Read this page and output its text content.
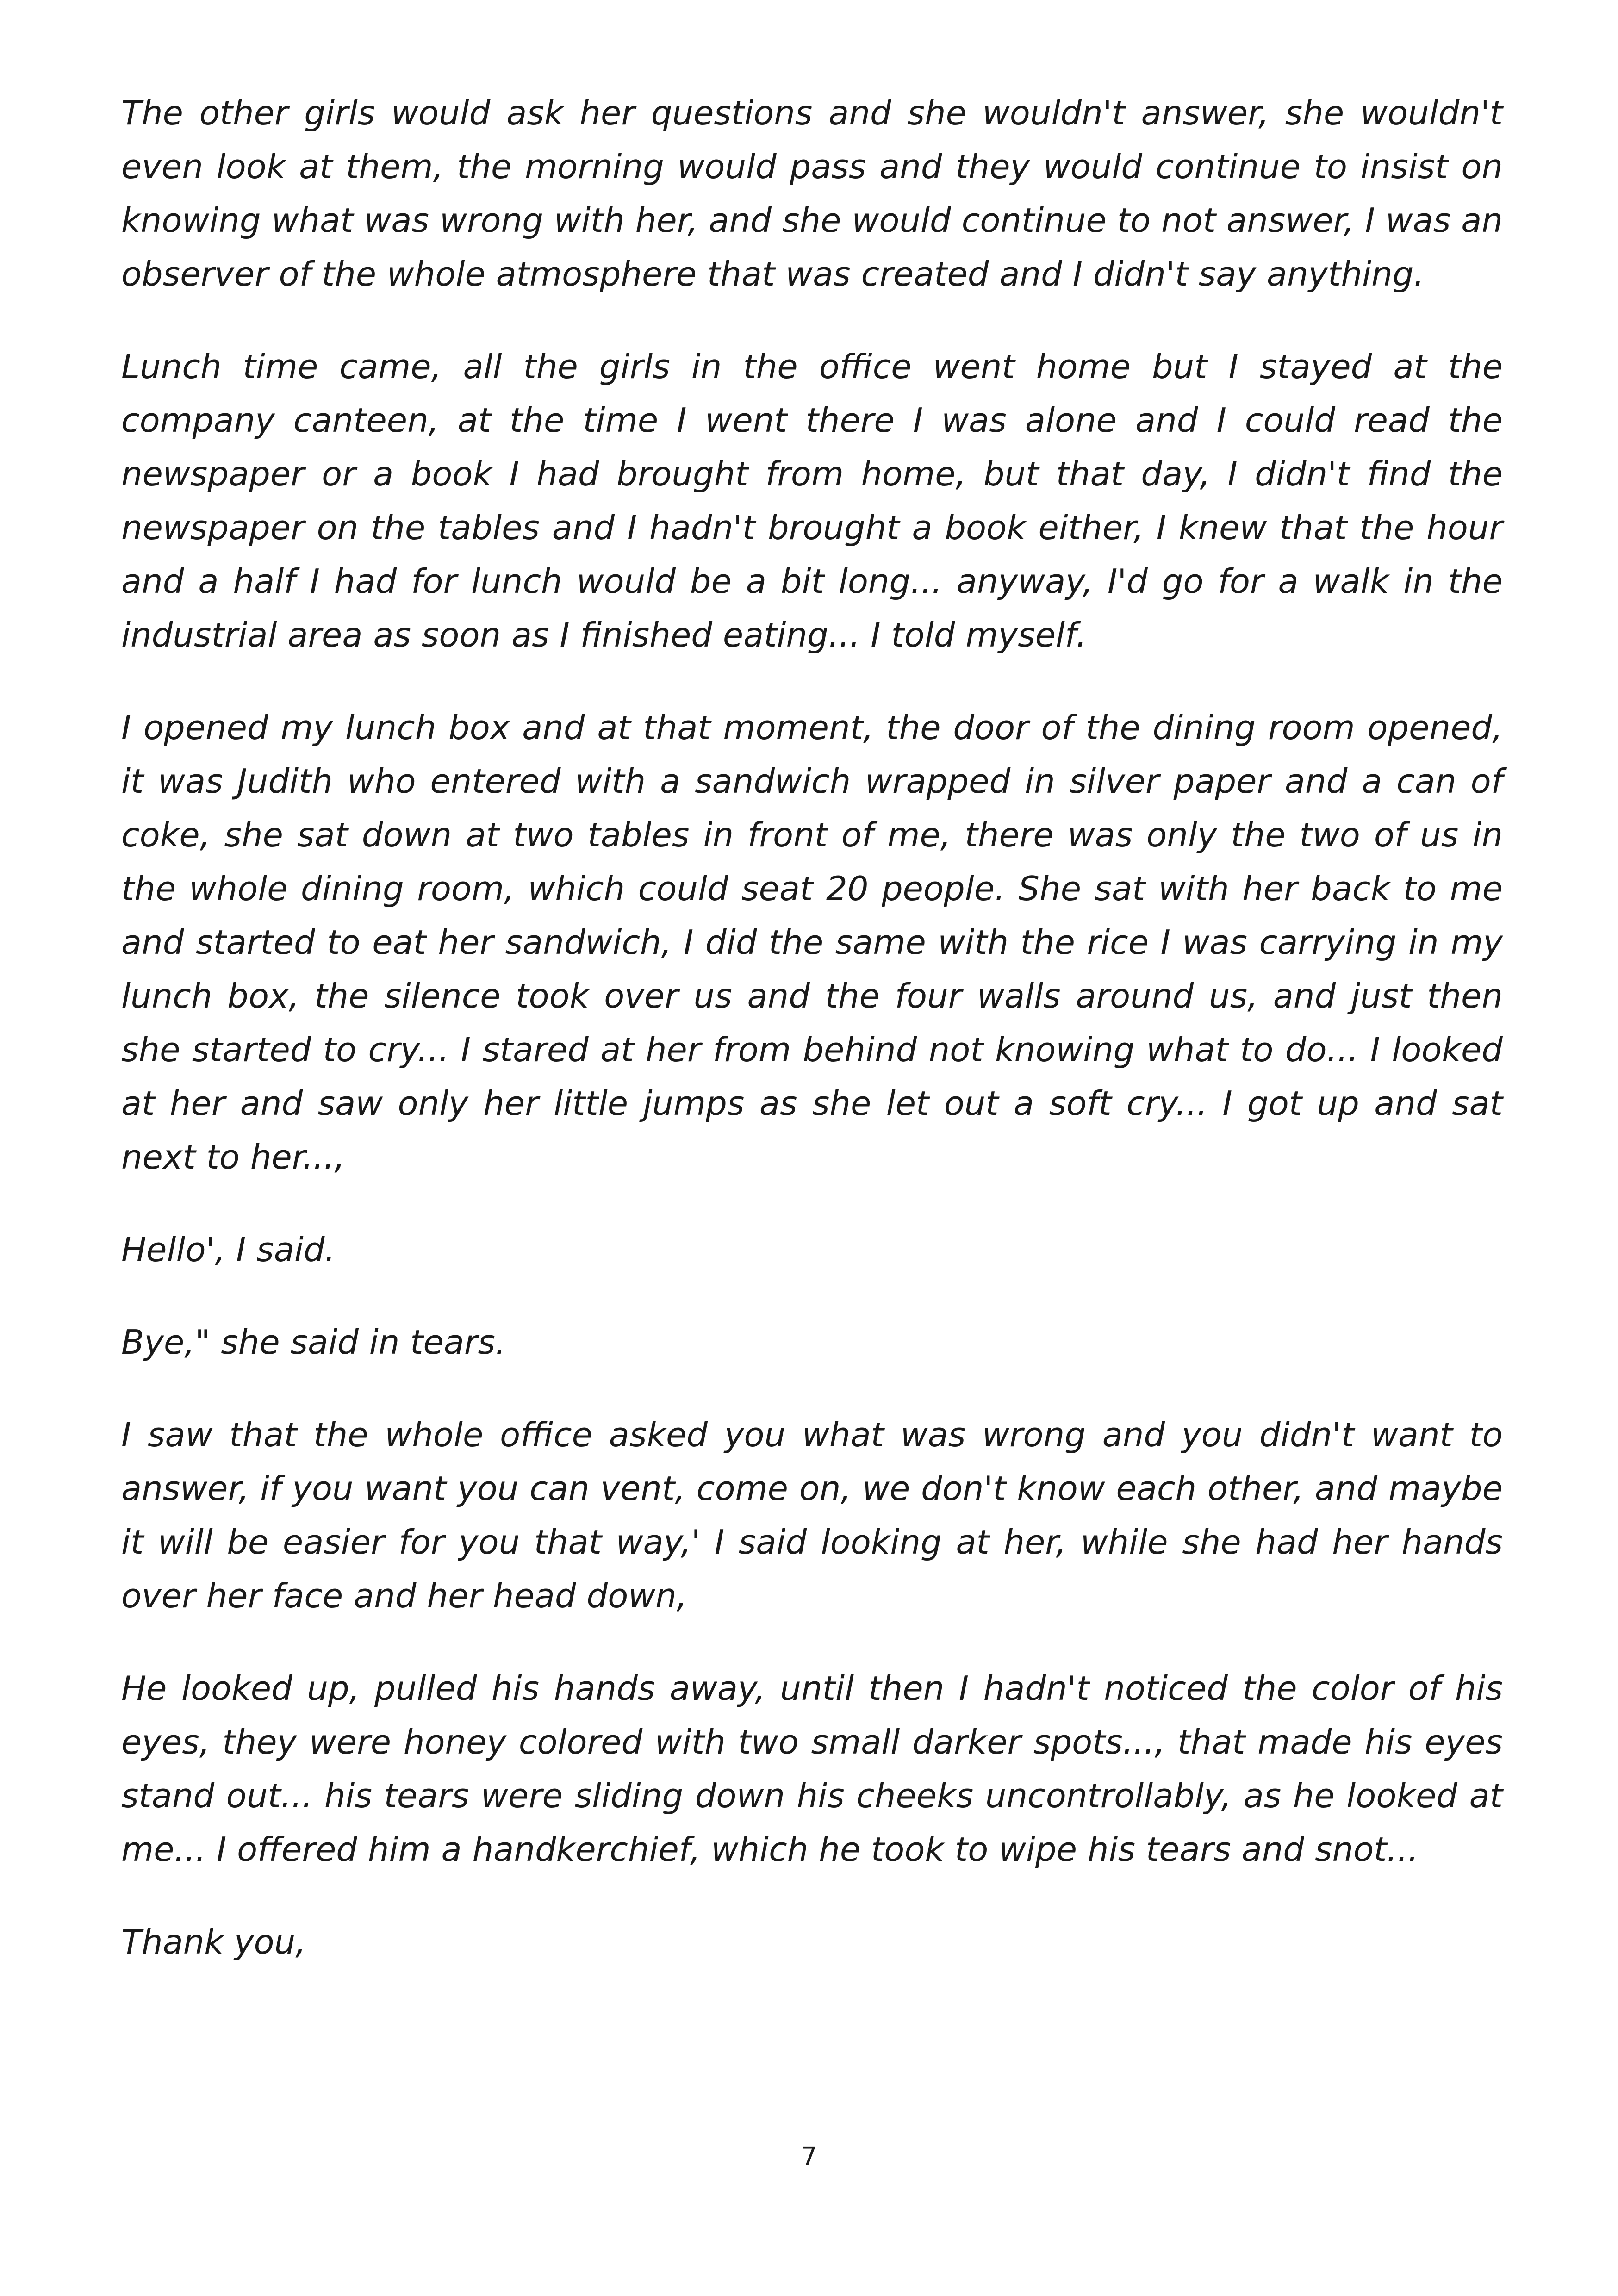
The other girls would ask her questions and she wouldn't answer, she wouldn't even look at them, the morning would pass and they would continue to insist on knowing what was wrong with her, and she would continue to not answer, I was an observer of the whole atmosphere that was created and I didn't say anything.

Lunch time came, all the girls in the office went home but I stayed at the company canteen, at the time I went there I was alone and I could read the newspaper or a book I had brought from home, but that day, I didn't find the newspaper on the tables and I hadn't brought a book either, I knew that the hour and a half I had for lunch would be a bit long... anyway, I'd go for a walk in the industrial area as soon as I finished eating... I told myself.

I opened my lunch box and at that moment, the door of the dining room opened, it was Judith who entered with a sandwich wrapped in silver paper and a can of coke, she sat down at two tables in front of me, there was only the two of us in the whole dining room, which could seat 20 people. She sat with her back to me and started to eat her sandwich, I did the same with the rice I was carrying in my lunch box, the silence took over us and the four walls around us, and just then she started to cry... I stared at her from behind not knowing what to do... I looked at her and saw only her little jumps as she let out a soft cry... I got up and sat next to her...,

Hello', I said.

Bye," she said in tears.

I saw that the whole office asked you what was wrong and you didn't want to answer, if you want you can vent, come on, we don't know each other, and maybe it will be easier for you that way,' I said looking at her, while she had her hands over her face and her head down,

He looked up, pulled his hands away, until then I hadn't noticed the color of his eyes, they were honey colored with two small darker spots..., that made his eyes stand out... his tears were sliding down his cheeks uncontrollably, as he looked at me... I offered him a handkerchief, which he took to wipe his tears and snot...

Thank you,

7
